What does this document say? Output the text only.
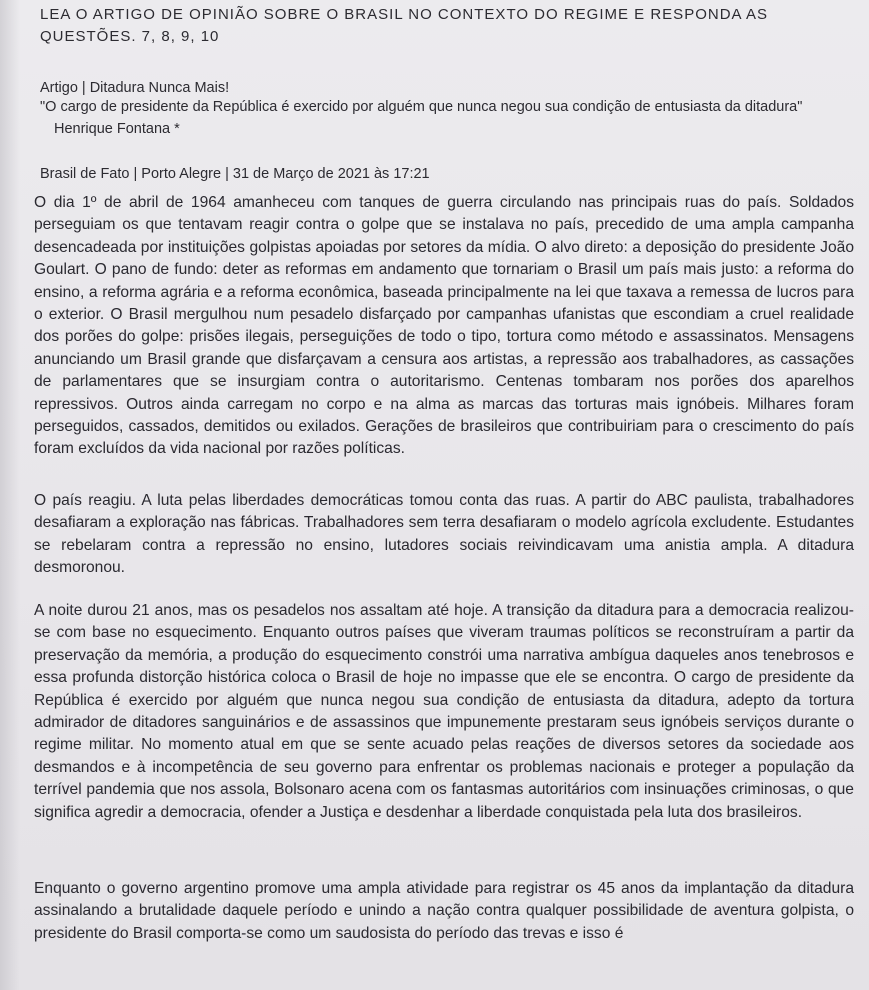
LEA O ARTIGO DE OPINIÃO SOBRE O BRASIL NO CONTEXTO DO REGIME E RESPONDA AS QUESTÕES. 7, 8, 9, 10
Artigo | Ditadura Nunca Mais!
"O cargo de presidente da República é exercido por alguém que nunca negou sua condição de entusiasta da ditadura" Henrique Fontana *
Brasil de Fato | Porto Alegre | 31 de Março de 2021 às 17:21

O dia 1º de abril de 1964 amanheceu com tanques de guerra circulando nas principais ruas do país. Soldados perseguiam os que tentavam reagir contra o golpe que se instalava no país, precedido de uma ampla campanha desencadeada por instituições golpistas apoiadas por setores da mídia. O alvo direto: a deposição do presidente João Goulart. O pano de fundo: deter as reformas em andamento que tornariam o Brasil um país mais justo: a reforma do ensino, a reforma agrária e a reforma econômica, baseada principalmente na lei que taxava a remessa de lucros para o exterior. O Brasil mergulhou num pesadelo disfarçado por campanhas ufanistas que escondiam a cruel realidade dos porões do golpe: prisões ilegais, perseguições de todo o tipo, tortura como método e assassinatos. Mensagens anunciando um Brasil grande que disfarçavam a censura aos artistas, a repressão aos trabalhadores, as cassações de parlamentares que se insurgiam contra o autoritarismo. Centenas tombaram nos porões dos aparelhos repressivos. Outros ainda carregam no corpo e na alma as marcas das torturas mais ignóbeis. Milhares foram perseguidos, cassados, demitidos ou exilados. Gerações de brasileiros que contribuiriam para o crescimento do país foram excluídos da vida nacional por razões políticas.

O país reagiu. A luta pelas liberdades democráticas tomou conta das ruas. A partir do ABC paulista, trabalhadores desafiaram a exploração nas fábricas. Trabalhadores sem terra desafiaram o modelo agrícola excludente. Estudantes se rebelaram contra a repressão no ensino, lutadores sociais reivindicavam uma anistia ampla. A ditadura desmoronou.

A noite durou 21 anos, mas os pesadelos nos assaltam até hoje. A transição da ditadura para a democracia realizou-se com base no esquecimento. Enquanto outros países que viveram traumas políticos se reconstruíram a partir da preservação da memória, a produção do esquecimento constrói uma narrativa ambígua daqueles anos tenebrosos e essa profunda distorção histórica coloca o Brasil de hoje no impasse que ele se encontra. O cargo de presidente da República é exercido por alguém que nunca negou sua condição de entusiasta da ditadura, adepto da tortura admirador de ditadores sanguinários e de assassinos que impunemente prestaram seus ignóbeis serviços durante o regime militar. No momento atual em que se sente acuado pelas reações de diversos setores da sociedade aos desmandos e à incompetência de seu governo para enfrentar os problemas nacionais e proteger a população da terrível pandemia que nos assola, Bolsonaro acena com os fantasmas autoritários com insinuações criminosas, o que significa agredir a democracia, ofender a Justiça e desdenhar a liberdade conquistada pela luta dos brasileiros.

Enquanto o governo argentino promove uma ampla atividade para registrar os 45 anos da implantação da ditadura assinalando a brutalidade daquele período e unindo a nação contra qualquer possibilidade de aventura golpista, o presidente do Brasil comporta-se como um saudosista do período das trevas e isso é
